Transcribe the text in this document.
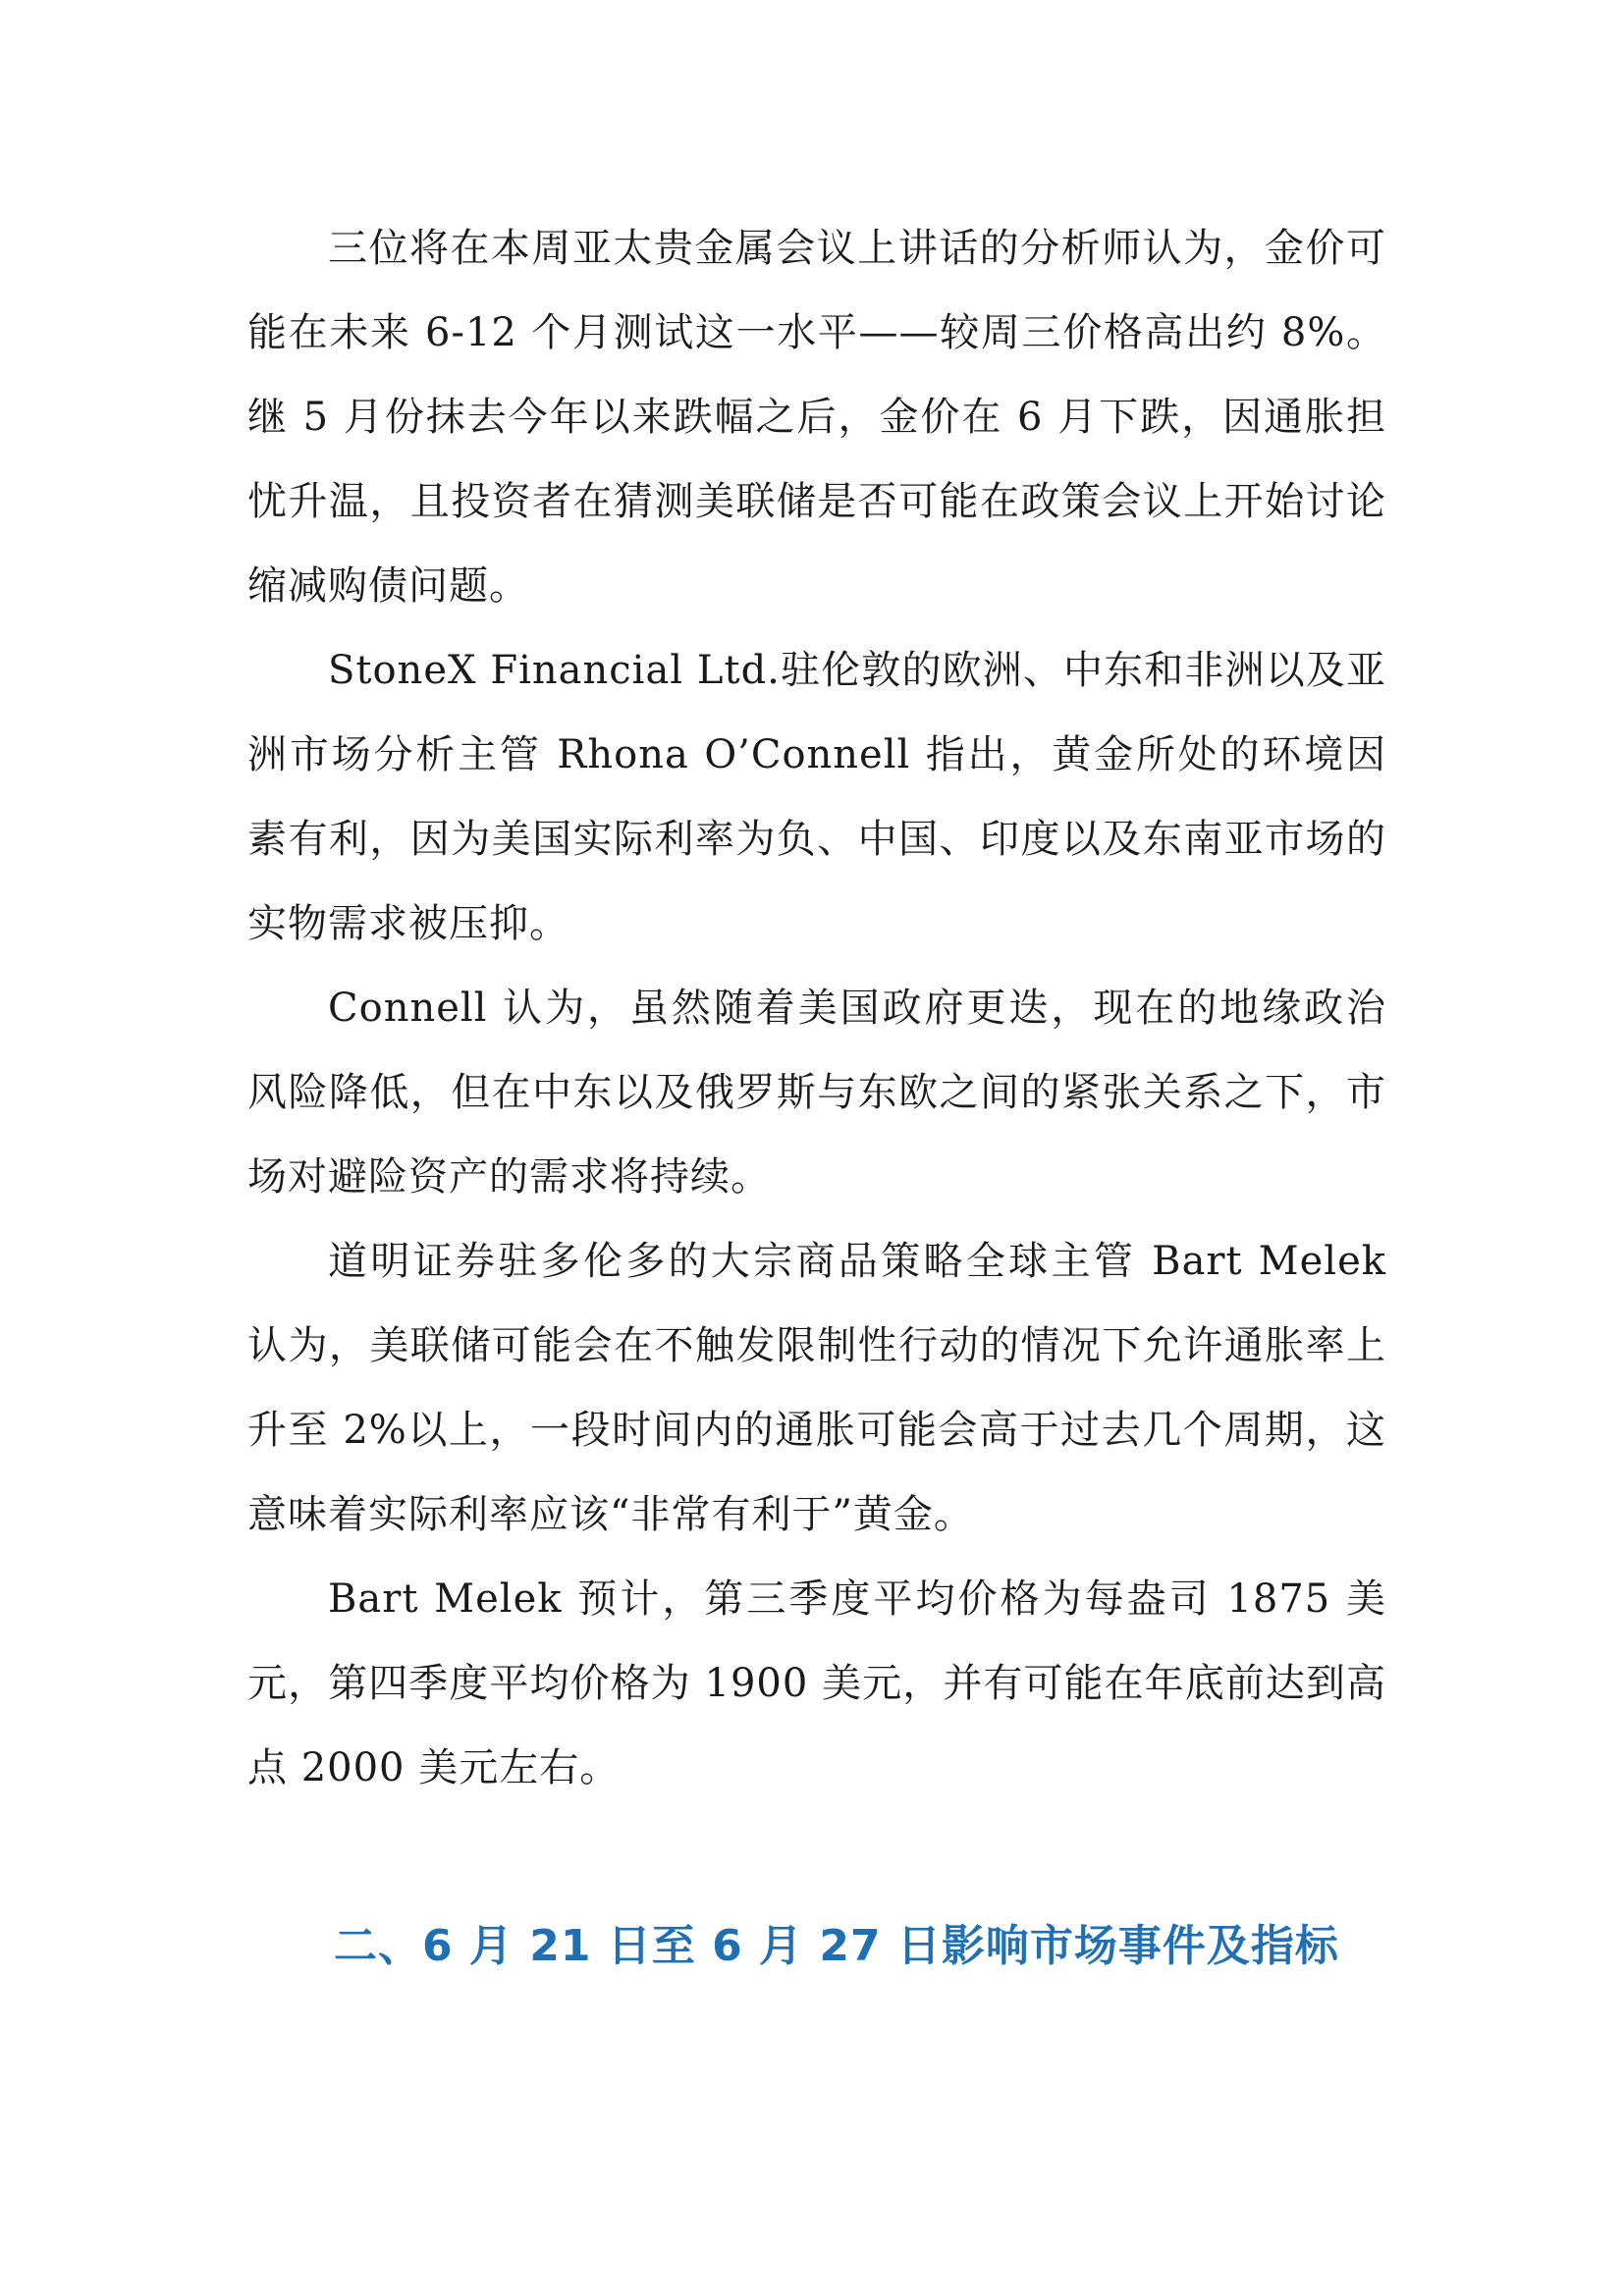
三位将在本周亚太贵金属会议上讲话的分析师认为，金价可能在未来 6-12 个月测试这一水平——较周三价格高出约 8%。继 5 月份抹去今年以来跌幅之后，金价在 6 月下跌，因通胀担忧升温，且投资者在猜测美联储是否可能在政策会议上开始讨论缩减购债问题。

StoneX Financial Ltd.驻伦敦的欧洲、中东和非洲以及亚洲市场分析主管 Rhona O’Connell 指出，黄金所处的环境因素有利，因为美国实际利率为负、中国、印度以及东南亚市场的实物需求被压抑。

Connell 认为，虽然随着美国政府更迭，现在的地缘政治风险降低，但在中东以及俄罗斯与东欧之间的紧张关系之下，市场对避险资产的需求将持续。

道明证券驻多伦多的大宗商品策略全球主管 Bart Melek 认为，美联储可能会在不触发限制性行动的情况下允许通胀率上升至 2%以上，一段时间内的通胀可能会高于过去几个周期，这意味着实际利率应该“非常有利于”黄金。

Bart Melek 预计，第三季度平均价格为每盎司 1875 美元，第四季度平均价格为 1900 美元，并有可能在年底前达到高点 2000 美元左右。

二、6 月 21 日至 6 月 27 日影响市场事件及指标
